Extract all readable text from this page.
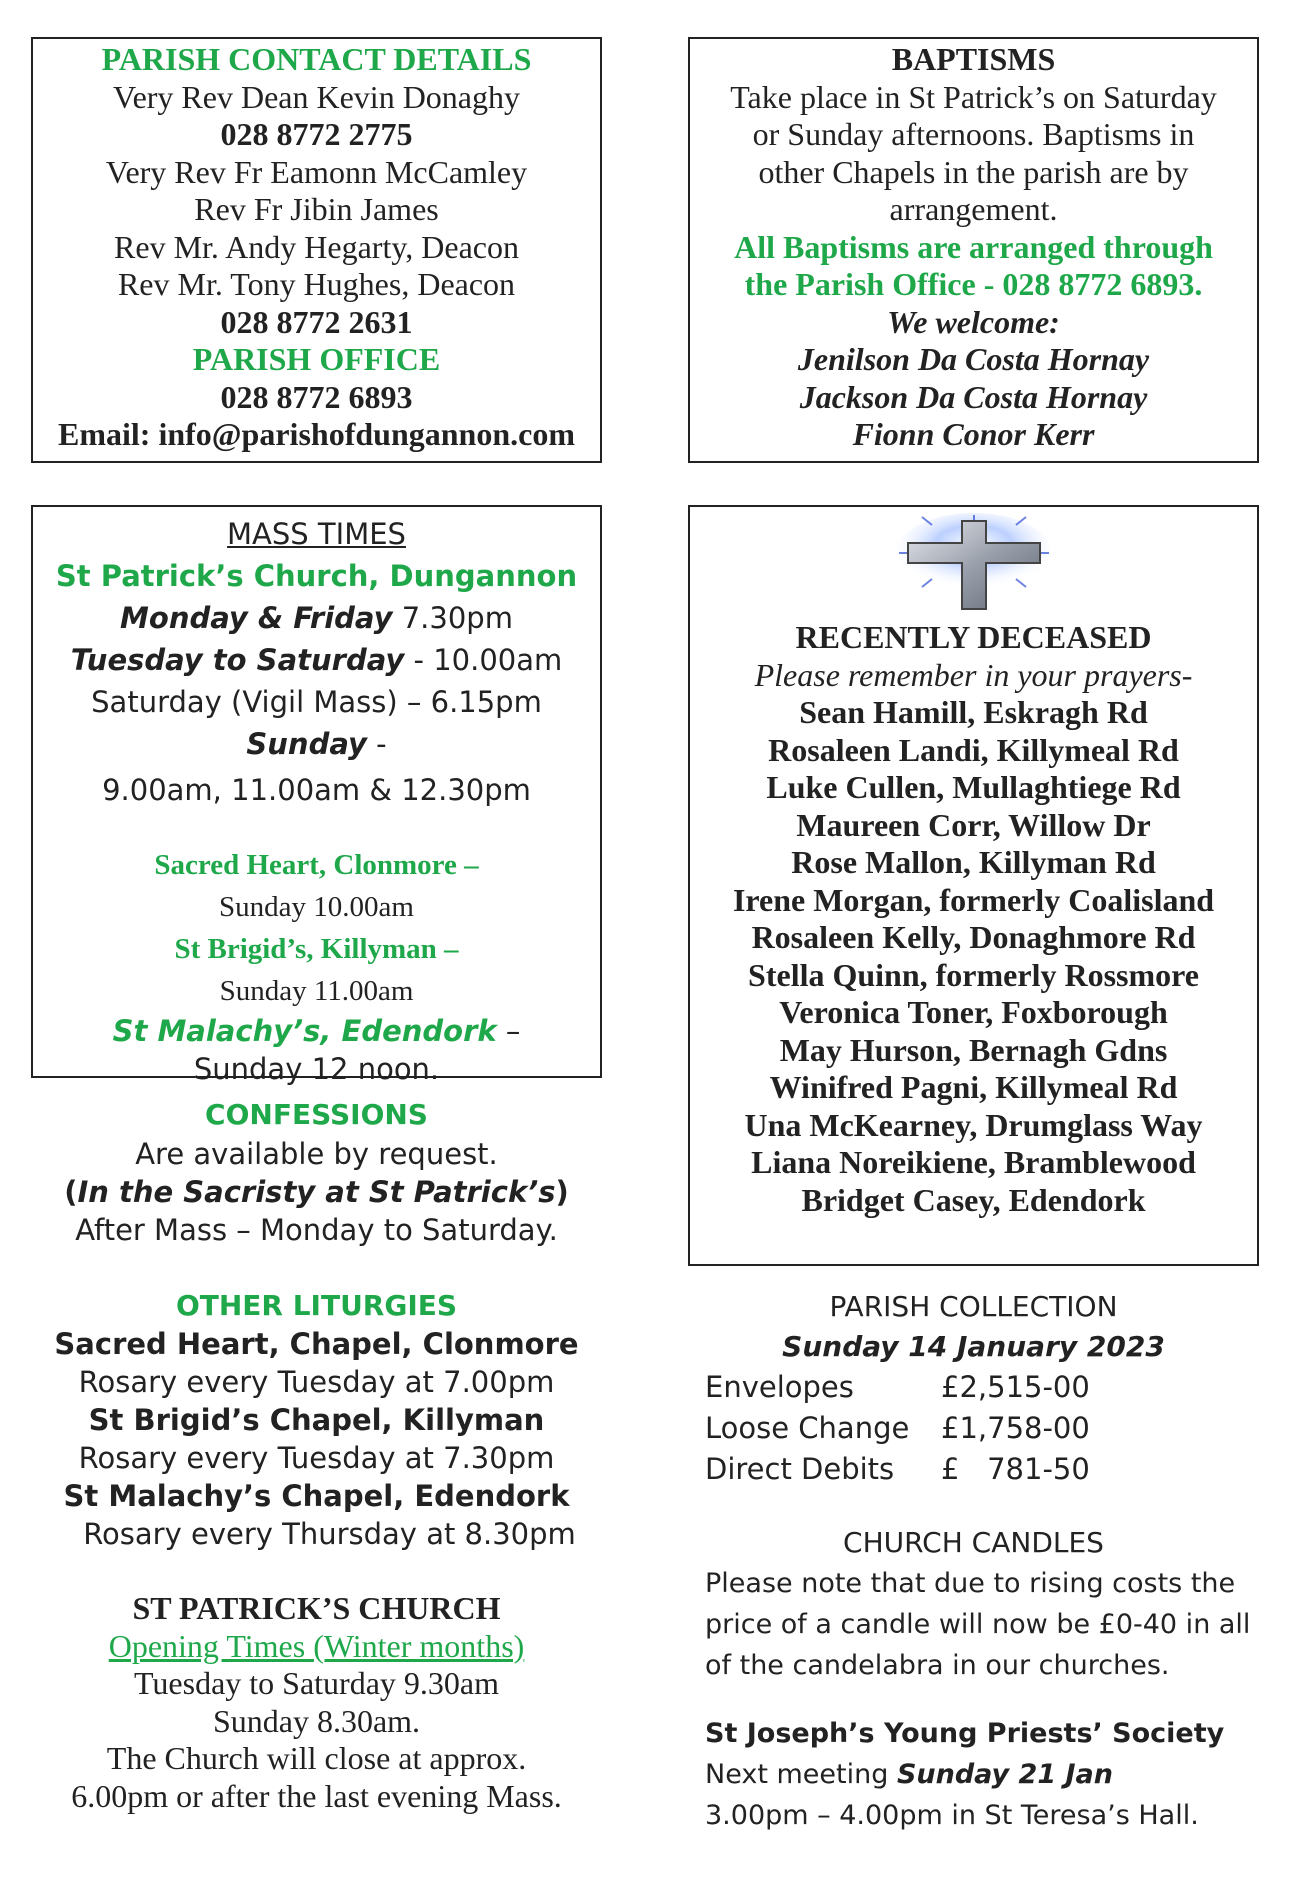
PARISH CONTACT DETAILS
Very Rev Dean Kevin Donaghy
028 8772 2775
Very Rev Fr Eamonn McCamley
Rev Fr Jibin James
Rev Mr. Andy Hegarty, Deacon
Rev Mr. Tony Hughes, Deacon
028 8772 2631
PARISH OFFICE
028 8772 6893
Email: info@parishofdungannon.com
BAPTISMS
Take place in St Patrick’s on Saturday
or Sunday afternoons. Baptisms in
other Chapels in the parish are by
arrangement.
All Baptisms are arranged through
the Parish Office - 028 8772 6893.
We welcome:
Jenilson Da Costa Hornay
Jackson Da Costa Hornay
Fionn Conor Kerr
MASS TIMES
St Patrick’s Church, Dungannon
Monday & Friday 7.30pm
Tuesday to Saturday - 10.00am
Saturday (Vigil Mass) – 6.15pm
Sunday -
9.00am, 11.00am & 12.30pm
Sacred Heart, Clonmore –
Sunday 10.00am
St Brigid’s, Killyman –
Sunday 11.00am
St Malachy’s, Edendork –
Sunday 12 noon.
RECENTLY DECEASED
Please remember in your prayers-
Sean Hamill, Eskragh Rd
Rosaleen Landi, Killymeal Rd
Luke Cullen, Mullaghtiege Rd
Maureen Corr, Willow Dr
Rose Mallon, Killyman Rd
Irene Morgan, formerly Coalisland
Rosaleen Kelly, Donaghmore Rd
Stella Quinn, formerly Rossmore
Veronica Toner, Foxborough
May Hurson, Bernagh Gdns
Winifred Pagni, Killymeal Rd
Una McKearney, Drumglass Way
Liana Noreikiene, Bramblewood
Bridget Casey, Edendork
CONFESSIONS
Are available by request.
(In the Sacristy at St Patrick’s)
After Mass – Monday to Saturday.
OTHER LITURGIES
Sacred Heart, Chapel, Clonmore
Rosary every Tuesday at 7.00pm
St Brigid’s Chapel, Killyman
Rosary every Tuesday at 7.30pm
St Malachy’s Chapel, Edendork
Rosary every Thursday at 8.30pm
ST PATRICK’S CHURCH
Opening Times (Winter months)
Tuesday to Saturday 9.30am
Sunday 8.30am.
The Church will close at approx.
6.00pm or after the last evening Mass.
PARISH COLLECTION
Sunday 14 January 2023
Envelopes	£2,515-00
Loose Change	£1,758-00
Direct Debits	£   781-50
CHURCH CANDLES
Please note that due to rising costs the
price of a candle will now be £0-40 in all
of the candelabra in our churches.
St Joseph’s Young Priests’ Society
Next meeting Sunday 21 Jan
3.00pm – 4.00pm in St Teresa’s Hall.
